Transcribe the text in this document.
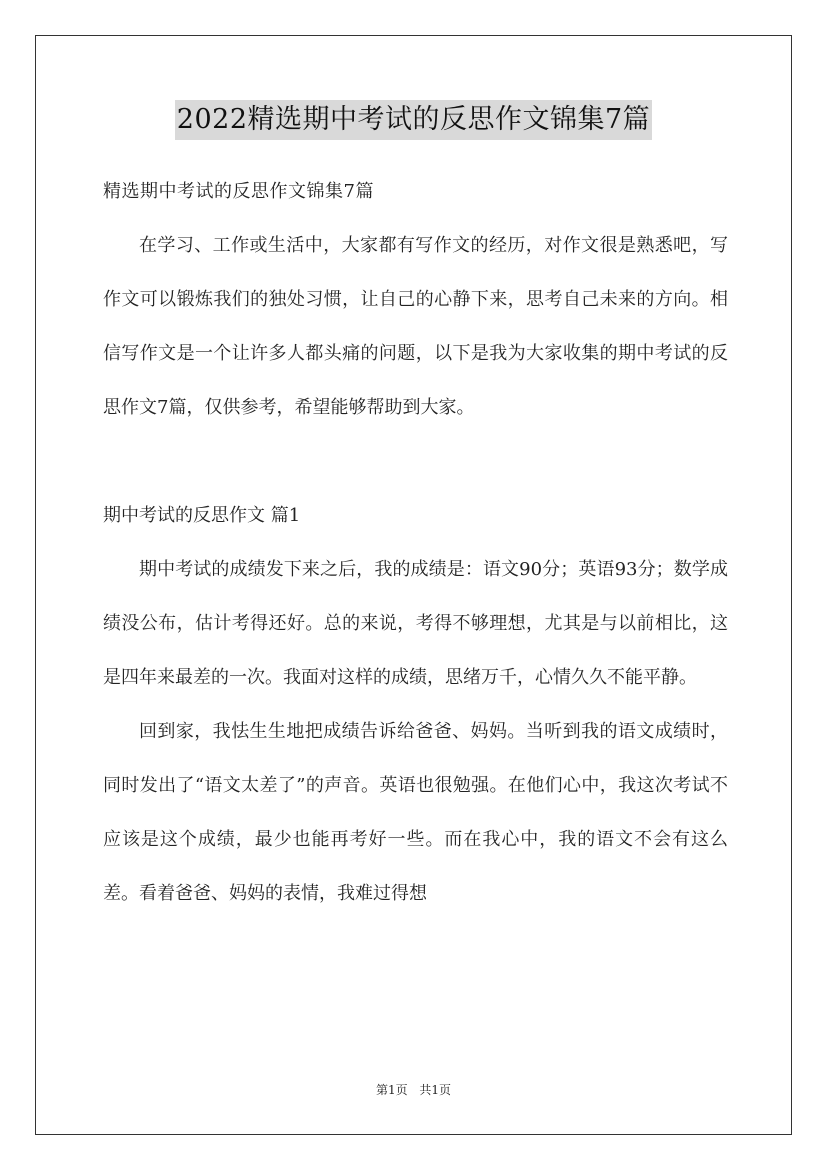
2022精选期中考试的反思作文锦集7篇

精选期中考试的反思作文锦集7篇

在学习、工作或生活中，大家都有写作文的经历，对作文很是熟悉吧，写作文可以锻炼我们的独处习惯，让自己的心静下来，思考自己未来的方向。相信写作文是一个让许多人都头痛的问题，以下是我为大家收集的期中考试的反思作文7篇，仅供参考，希望能够帮助到大家。

期中考试的反思作文 篇1

期中考试的成绩发下来之后，我的成绩是：语文90分；英语93分；数学成绩没公布，估计考得还好。总的来说，考得不够理想，尤其是与以前相比，这是四年来最差的一次。我面对这样的成绩，思绪万千，心情久久不能平静。

回到家，我怯生生地把成绩告诉给爸爸、妈妈。当听到我的语文成绩时，同时发出了“语文太差了”的声音。英语也很勉强。在他们心中，我这次考试不应该是这个成绩，最少也能再考好一些。而在我心中，我的语文不会有这么差。看着爸爸、妈妈的表情，我难过得想

第1页 共1页
